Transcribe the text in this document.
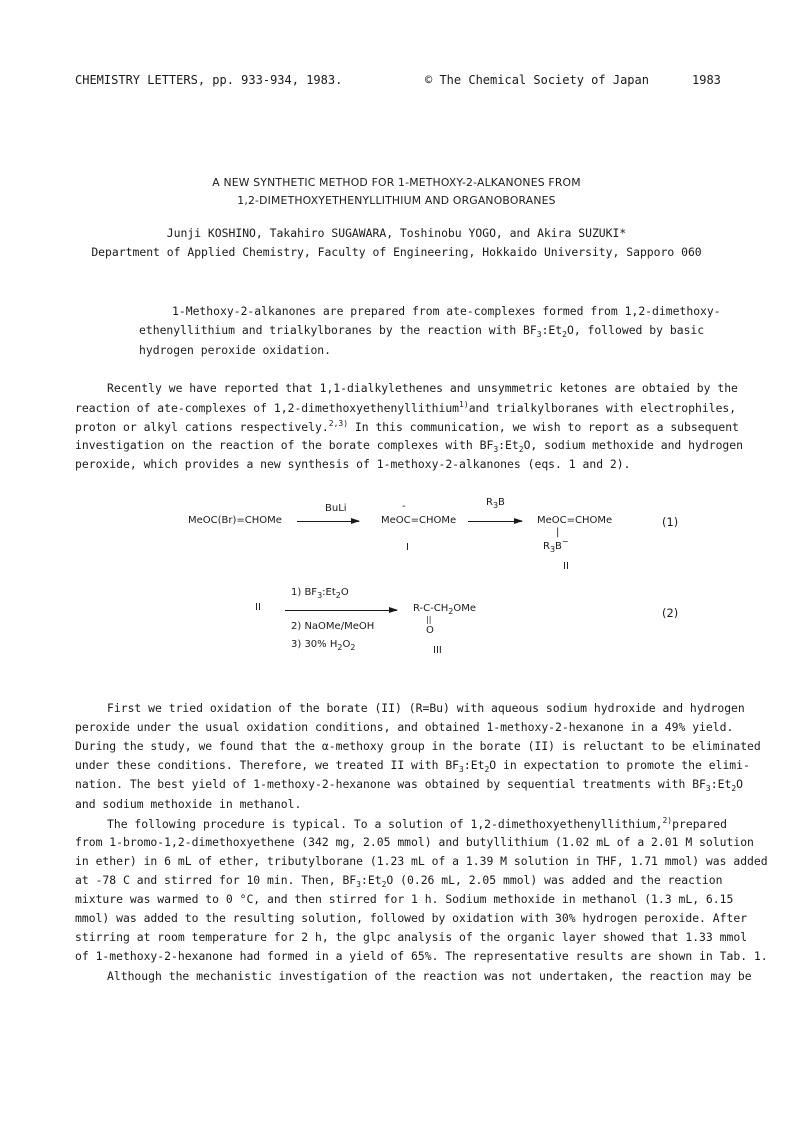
CHEMISTRY LETTERS, pp. 933-934, 1983.	© The Chemical Society of Japan	1983
A NEW SYNTHETIC METHOD FOR 1-METHOXY-2-ALKANONES FROM
1,2-DIMETHOXYETHENYLLITHIUM AND ORGANOBORANES
Junji KOSHINO, Takahiro SUGAWARA, Toshinobu YOGO, and Akira SUZUKI*
Department of Applied Chemistry, Faculty of Engineering, Hokkaido University, Sapporo 060
1-Methoxy-2-alkanones are prepared from ate-complexes formed from 1,2-dimethoxy-
ethenyllithium and trialkylboranes by the reaction with $BF_3:Et_2O$, followed by basic
hydrogen peroxide oxidation.
Recently we have reported that 1,1-dialkylethenes and unsymmetric ketones are obtaied by the
reaction of ate-complexes of 1,2-dimethoxyethenyllithium$^{1)}$and trialkylboranes with electrophiles,
proton or alkyl cations respectively.$^{2,3)}$ In this communication, we wish to report as a subsequent
investigation on the reaction of the borate complexes with $BF_3:Et_2O$, sodium methoxide and hydrogen
peroxide, which provides a new synthesis of 1-methoxy-2-alkanones (eqs. 1 and 2).
MeOC(Br)=CHOMe
BuLi	-
MeOC=CHOMe
I
$R_3B$
MeOC=CHOMe
|
$R_3B^-$
II
(1)
II
1) $BF_3:Et_2O$
2) NaOMe/MeOH
3) 30% $H_2O_2$
$R-C-CH_2OMe$
||
O
III
(2)
First we tried oxidation of the borate (II) (R=Bu) with aqueous sodium hydroxide and hydrogen
peroxide under the usual oxidation conditions, and obtained 1-methoxy-2-hexanone in a 49% yield.
During the study, we found that the α-methoxy group in the borate (II) is reluctant to be eliminated
under these conditions. Therefore, we treated II with $BF_3:Et_2O$ in expectation to promote the elimi-
nation. The best yield of 1-methoxy-2-hexanone was obtained by sequential treatments with $BF_3:Et_2O$
and sodium methoxide in methanol.
The following procedure is typical. To a solution of 1,2-dimethoxyethenyllithium,$^{2)}$prepared
from 1-bromo-1,2-dimethoxyethene (342 mg, 2.05 mmol) and butyllithium (1.02 mL of a 2.01 M solution
in ether) in 6 mL of ether, tributylborane (1.23 mL of a 1.39 M solution in THF, 1.71 mmol) was added
at -78 C and stirred for 10 min. Then, $BF_3:Et_2O$ (0.26 mL, 2.05 mmol) was added and the reaction
mixture was warmed to 0 °C, and then stirred for 1 h. Sodium methoxide in methanol (1.3 mL, 6.15
mmol) was added to the resulting solution, followed by oxidation with 30% hydrogen peroxide. After
stirring at room temperature for 2 h, the glpc analysis of the organic layer showed that 1.33 mmol
of 1-methoxy-2-hexanone had formed in a yield of 65%. The representative results are shown in Tab. 1.
Although the mechanistic investigation of the reaction was not undertaken, the reaction may be
